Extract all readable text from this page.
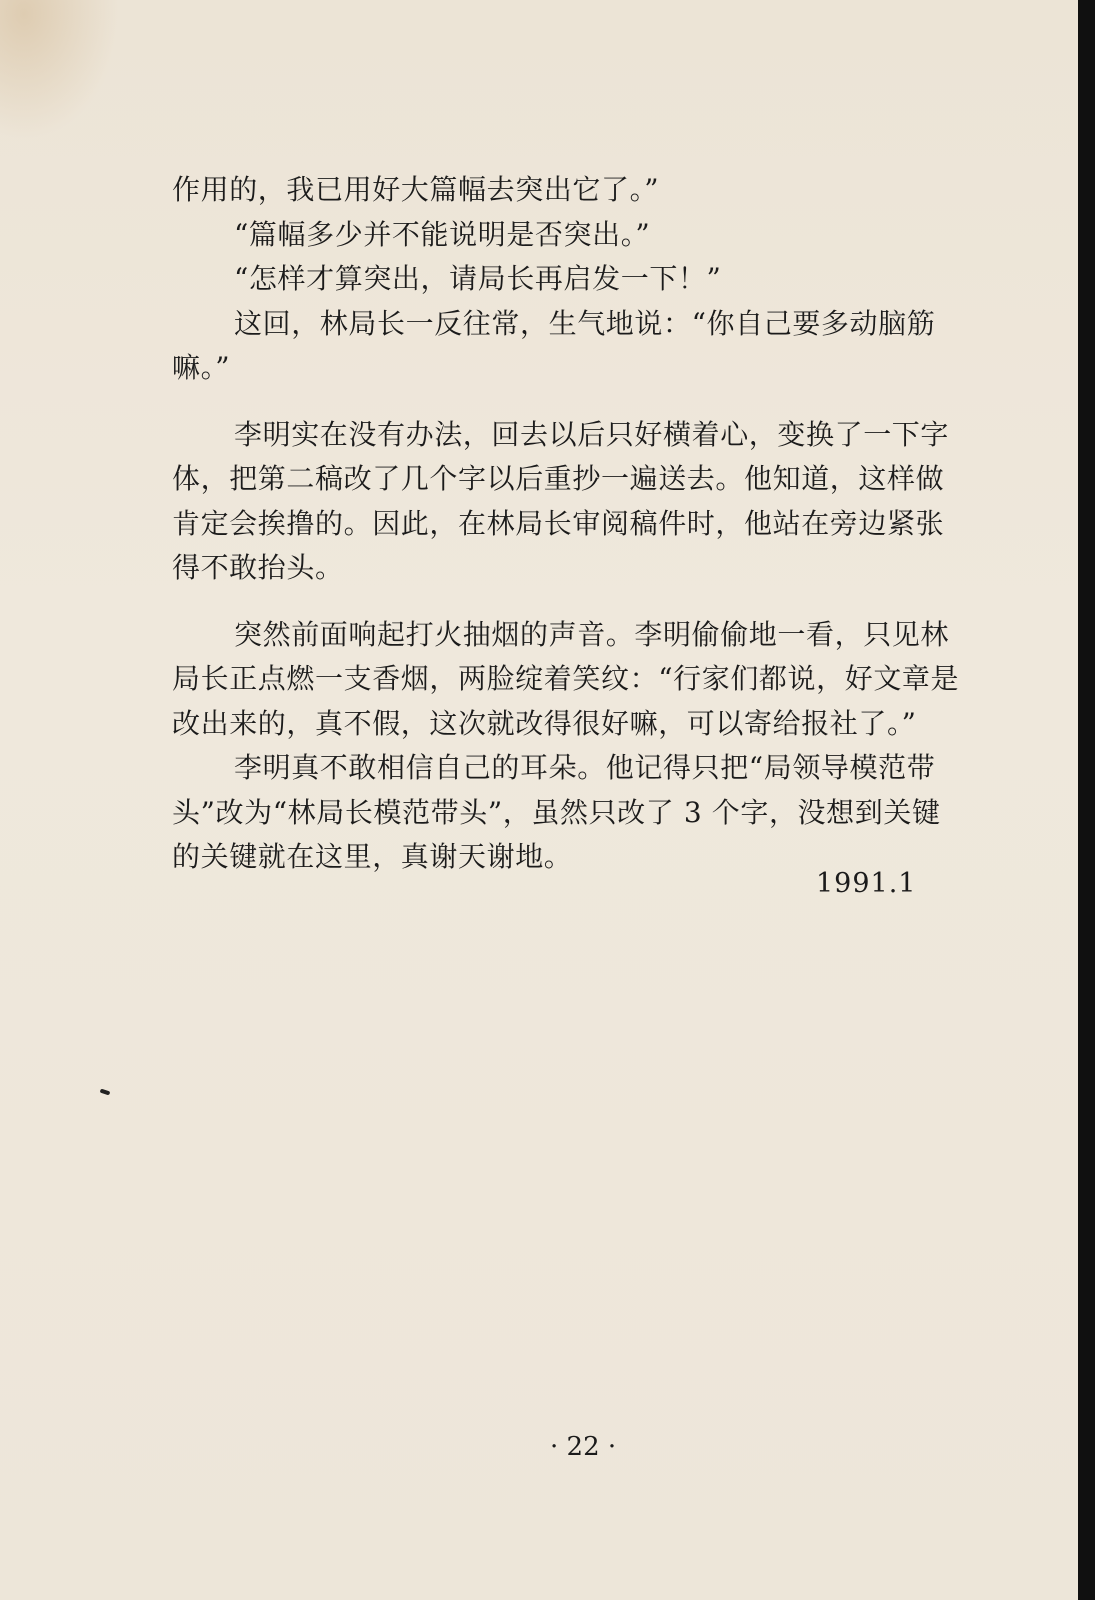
作用的，我已用好大篇幅去突出它了。”
“篇幅多少并不能说明是否突出。”
“怎样才算突出，请局长再启发一下！”
这回，林局长一反往常，生气地说：“你自己要多动脑筋
嘛。”
李明实在没有办法，回去以后只好横着心，变换了一下字
体，把第二稿改了几个字以后重抄一遍送去。他知道，这样做
肯定会挨撸的。因此，在林局长审阅稿件时，他站在旁边紧张
得不敢抬头。
突然前面响起打火抽烟的声音。李明偷偷地一看，只见林
局长正点燃一支香烟，两脸绽着笑纹：“行家们都说，好文章是
改出来的，真不假，这次就改得很好嘛，可以寄给报社了。”
李明真不敢相信自己的耳朵。他记得只把“局领导模范带
头”改为“林局长模范带头”，虽然只改了 3 个字，没想到关键
的关键就在这里，真谢天谢地。
1991.1
· 22 ·
